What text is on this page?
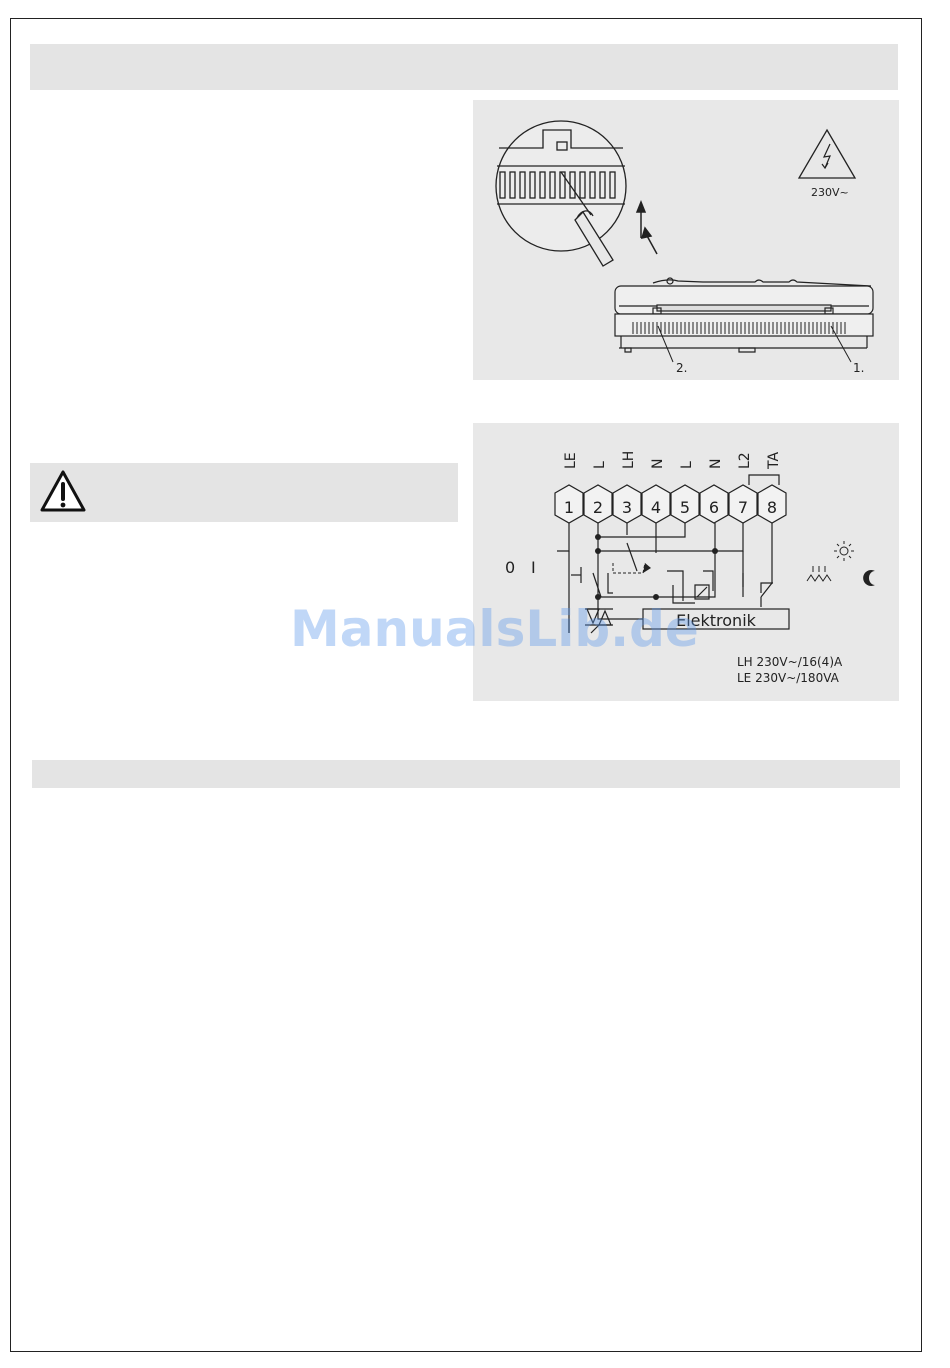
230V~
2.	1.
LE L LH N L N L2 TA
1 2 3 4 5 6 7 8
0 I
Elektronik
LH 230V~/16(4)A
LE 230V~/180VA
ManualsLib.de
